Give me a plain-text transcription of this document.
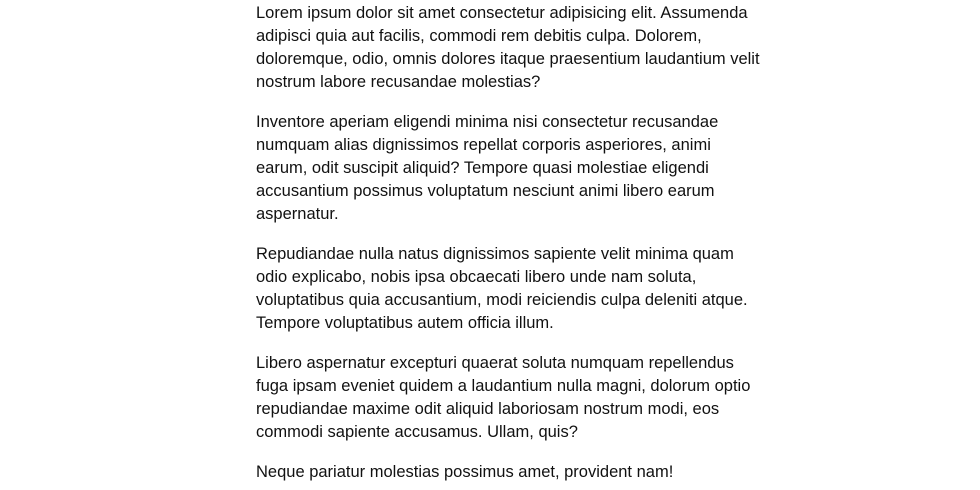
Lorem ipsum dolor sit amet consectetur adipisicing elit. Assumenda adipisci quia aut facilis, commodi rem debitis culpa. Dolorem, doloremque, odio, omnis dolores itaque praesentium laudantium velit nostrum labore recusandae molestias?

Inventore aperiam eligendi minima nisi consectetur recusandae numquam alias dignissimos repellat corporis asperiores, animi earum, odit suscipit aliquid? Tempore quasi molestiae eligendi accusantium possimus voluptatum nesciunt animi libero earum aspernatur.

Repudiandae nulla natus dignissimos sapiente velit minima quam odio explicabo, nobis ipsa obcaecati libero unde nam soluta, voluptatibus quia accusantium, modi reiciendis culpa deleniti atque. Tempore voluptatibus autem officia illum.

Libero aspernatur excepturi quaerat soluta numquam repellendus fuga ipsam eveniet quidem a laudantium nulla magni, dolorum optio repudiandae maxime odit aliquid laboriosam nostrum modi, eos commodi sapiente accusamus. Ullam, quis?

Neque pariatur molestias possimus amet, provident nam!
